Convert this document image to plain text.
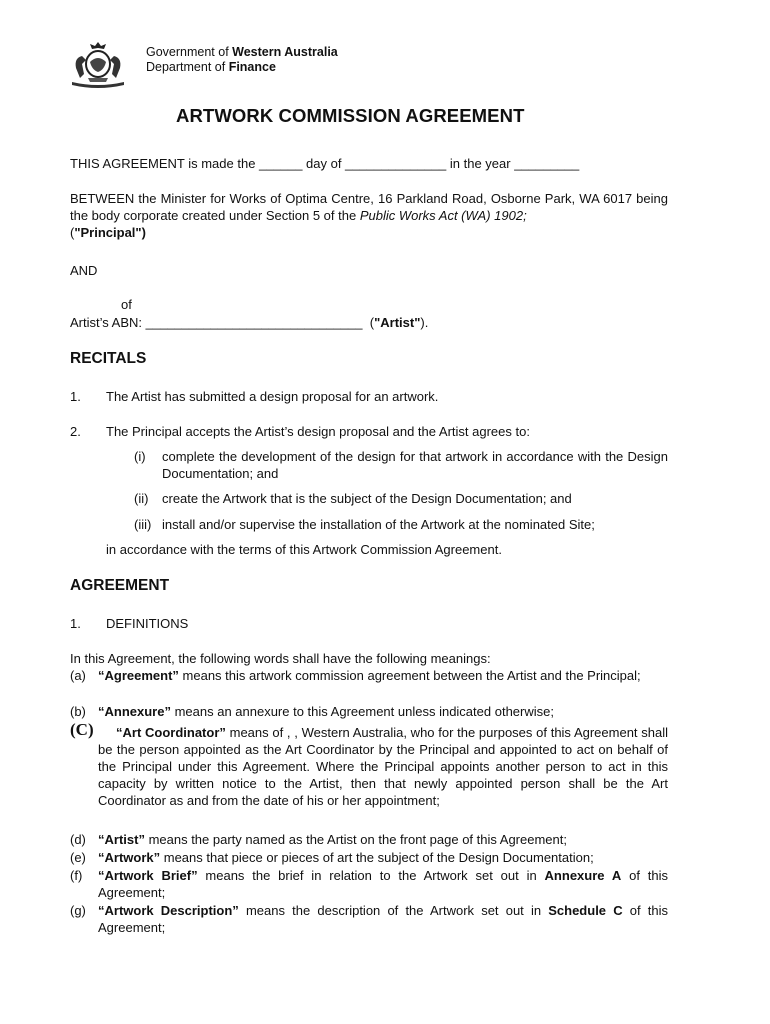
Government of Western Australia
Department of Finance
ARTWORK COMMISSION AGREEMENT
THIS AGREEMENT is made the ______ day of ______________ in the year _________
BETWEEN the Minister for Works of Optima Centre, 16 Parkland Road, Osborne Park, WA 6017 being the body corporate created under Section 5 of the Public Works Act (WA) 1902;
("Principal")
AND
of
Artist’s ABN: ______________________________ ("Artist").
RECITALS
1. The Artist has submitted a design proposal for an artwork.
2. The Principal accepts the Artist’s design proposal and the Artist agrees to:
(i) complete the development of the design for that artwork in accordance with the Design Documentation; and
(ii) create the Artwork that is the subject of the Design Documentation; and
(iii) install and/or supervise the installation of the Artwork at the nominated Site;
in accordance with the terms of this Artwork Commission Agreement.
AGREEMENT
1. DEFINITIONS
In this Agreement, the following words shall have the following meanings:
(a) “Agreement” means this artwork commission agreement between the Artist and the Principal;
(b) “Annexure” means an annexure to this Agreement unless indicated otherwise;
(C)	“Art Coordinator” means of , , Western Australia, who for the purposes of this Agreement shall be the person appointed as the Art Coordinator by the Principal and appointed to act on behalf of the Principal under this Agreement. Where the Principal appoints another person to act in this capacity by written notice to the Artist, then that newly appointed person shall be the Art Coordinator as and from the date of his or her appointment;
(d) “Artist” means the party named as the Artist on the front page of this Agreement;
(e) “Artwork” means that piece or pieces of art the subject of the Design Documentation;
(f) “Artwork Brief” means the brief in relation to the Artwork set out in Annexure A of this Agreement;
(g) “Artwork Description” means the description of the Artwork set out in Schedule C of this Agreement;
